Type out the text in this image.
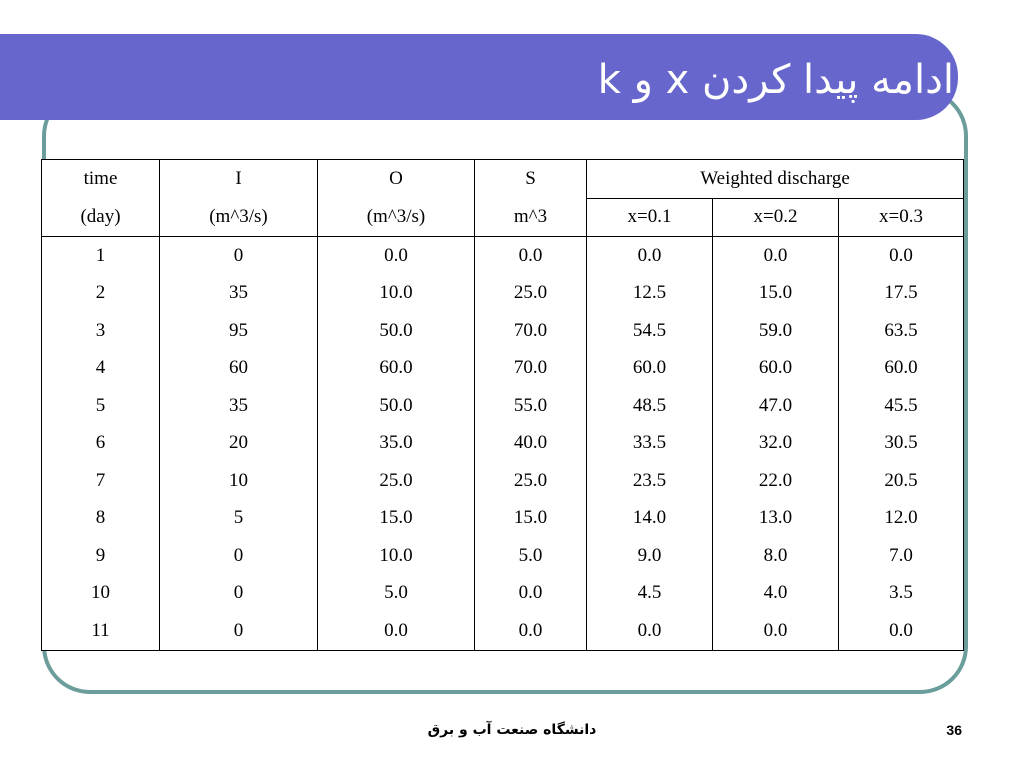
ادامه پیدا کردن x و k
time	I	O	S	Weighted discharge		
(day)	(m^3/s)	(m^3/s)	m^3	x=0.1	x=0.2	x=0.3
1	0	0.0	0.0	0.0	0.0	0.0
2	35	10.0	25.0	12.5	15.0	17.5
3	95	50.0	70.0	54.5	59.0	63.5
4	60	60.0	70.0	60.0	60.0	60.0
5	35	50.0	55.0	48.5	47.0	45.5
6	20	35.0	40.0	33.5	32.0	30.5
7	10	25.0	25.0	23.5	22.0	20.5
8	5	15.0	15.0	14.0	13.0	12.0
9	0	10.0	5.0	9.0	8.0	7.0
10	0	5.0	0.0	4.5	4.0	3.5
11	0	0.0	0.0	0.0	0.0	0.0

دانشگاه صنعت آب و برق	36
